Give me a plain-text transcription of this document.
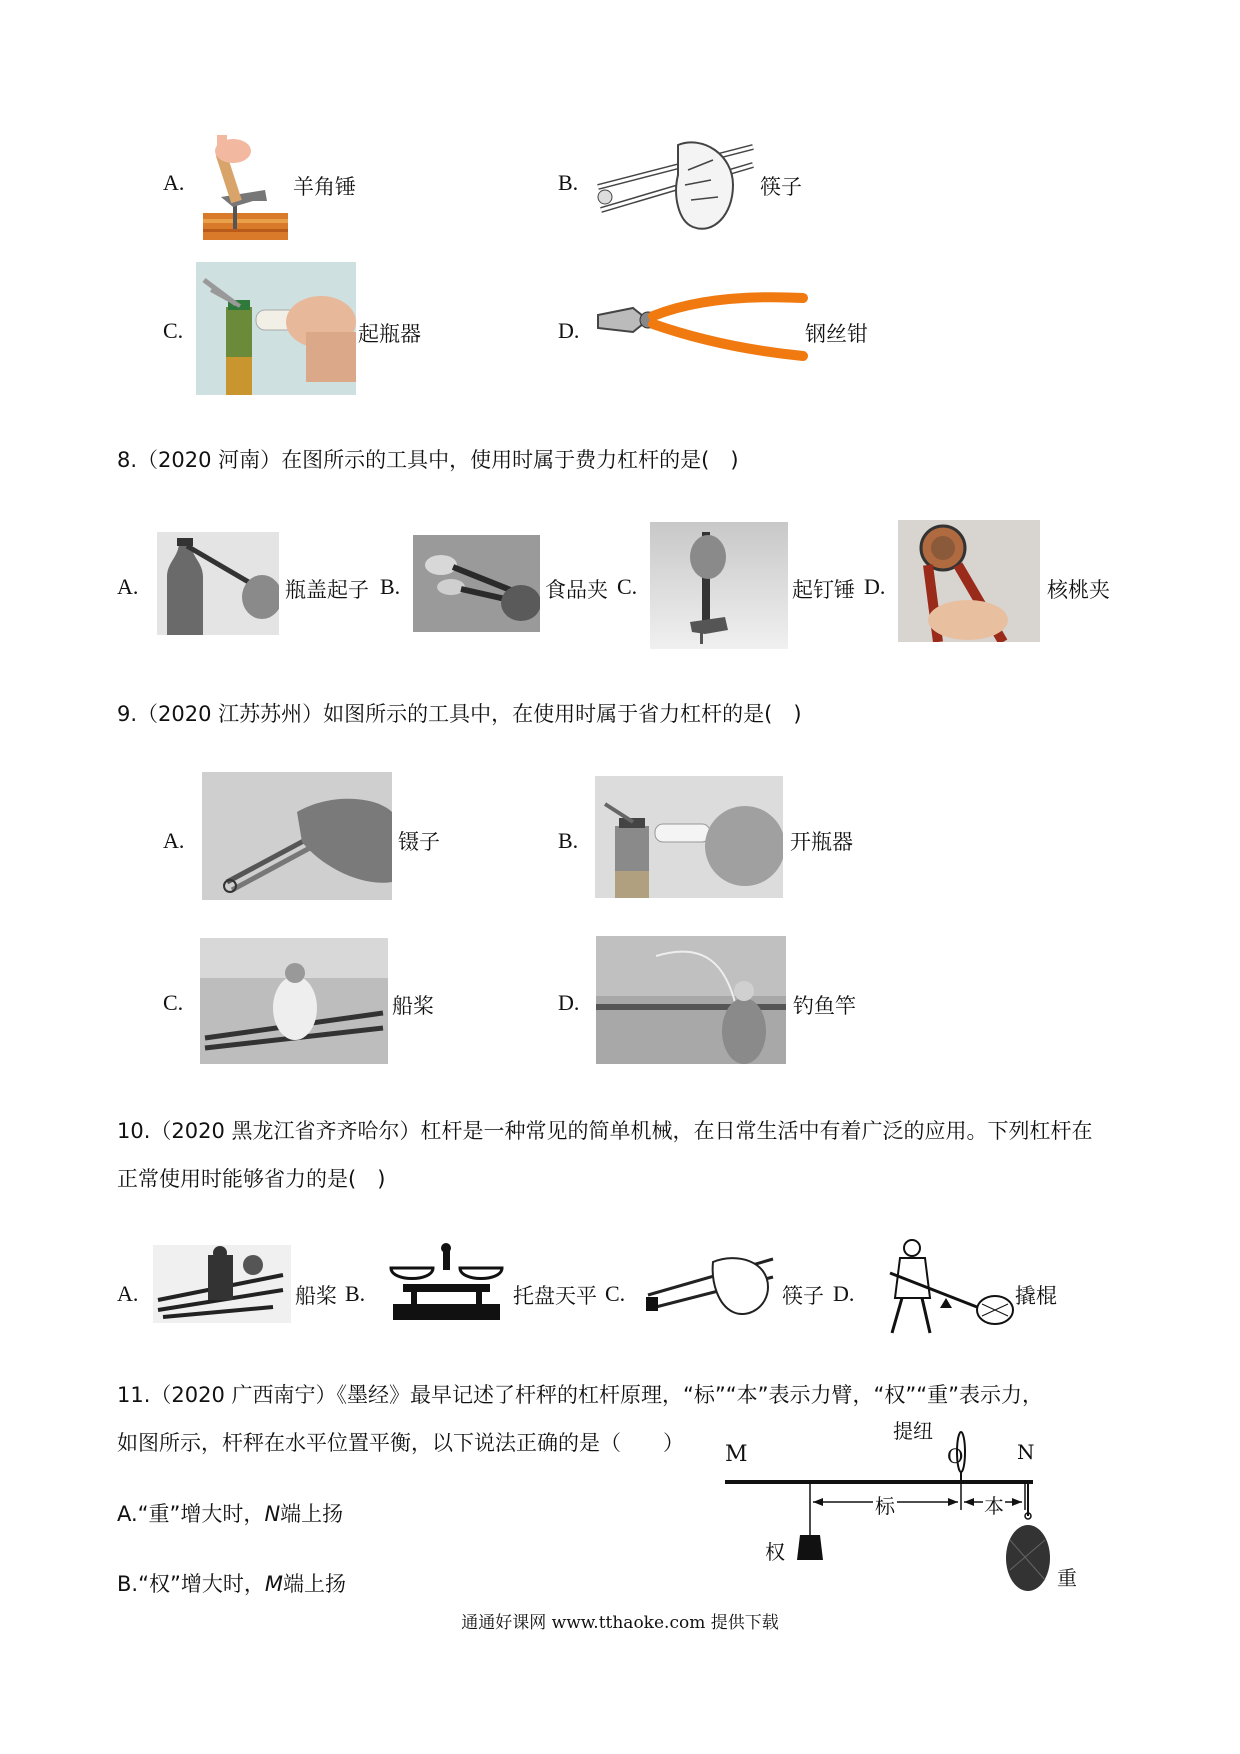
A.	羊角锤	B.	筷子
C.	起瓶器	D.	钢丝钳
8.（2020 河南）在图所示的工具中，使用时属于费力杠杆的是(　)
A.	瓶盖起子 B.	食品夹 C.	起钉锤 D.	核桃夹
9.（2020 江苏苏州）如图所示的工具中，在使用时属于省力杠杆的是(　)
A.	镊子	B.	开瓶器
C.	船桨	D.	钓鱼竿
10.（2020 黑龙江省齐齐哈尔）杠杆是一种常见的简单机械，在日常生活中有着广泛的应用。下列杠杆在
正常使用时能够省力的是(　)
A.	船桨 B.	托盘天平 C.	筷子 D.	撬棍
11.（2020 广西南宁）《墨经》最早记述了杆秤的杠杆原理，“标”“本”表示力臂，“权”“重”表示力，
如图所示，杆秤在水平位置平衡，以下说法正确的是（　　）
A.“重”增大时，N端上扬
B.“权”增大时，M端上扬
M	O	N
提纽
标	本
权
重
通通好课网 www.tthaoke.com 提供下载
